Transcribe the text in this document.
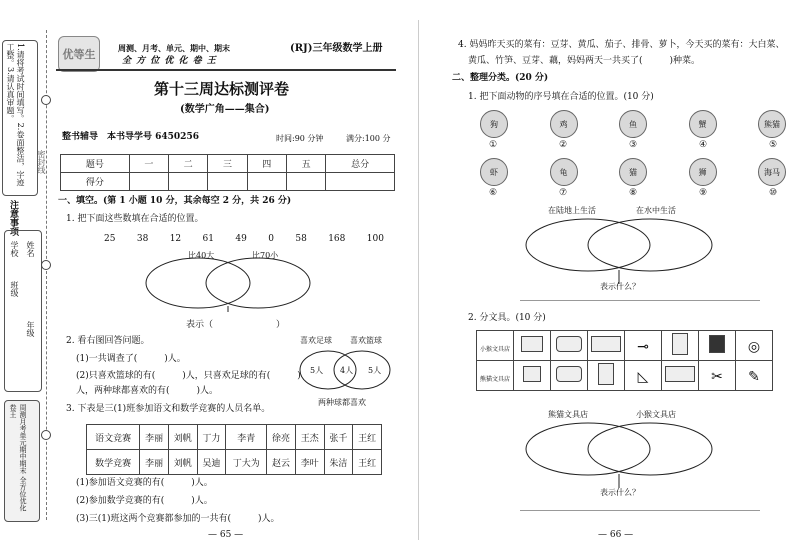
1.请将考试时间填写。2.卷面整洁，字迹工整。3.请认真审题。
注意事项
学校
班级
姓名
年级
密封线
周测月考单元期中期末 全方位优化卷王
优等生	周测、月考、单元、期中、期末
全 方 位 优 化 卷 王
(RJ)三年级数学上册
第十三周达标测评卷
(数学广角——集合)
整书辅导　本书导学号 6450256	时间:90 分钟	满分:100 分
题号	一	二	三	四	五	总分
得分						
一、填空。(第 1 小题 10 分，其余每空 2 分，共 26 分)
1. 把下面这些数填在合适的位置。
25 38 12 61 49 0 58 168 100
比40大	比70小
表示（　　　　　　　）
2. 看右图回答问题。
(1)一共调查了(　　　)人。
(2)只喜欢篮球的有(　　　)人，只喜欢足球的有(　　　)
人，两种球都喜欢的有(　　　)人。
喜欢足球 喜欢篮球
5人 4人 5人
两种球都喜欢
3. 下表是三(1)班参加语文和数学竞赛的人员名单。
语文竞赛	李丽	刘帆	丁力	李青	徐亮	王杰	张千	王红
数学竞赛	李丽	刘帆	吴迪	丁大为	赵云	李叶	朱洁	王红
(1)参加语文竞赛的有(　　　)人。
(2)参加数学竞赛的有(　　　)人。
(3)三(1)班这两个竞赛都参加的一共有(　　　)人。
— 65 —
4. 妈妈昨天买的菜有：豆芽、黄瓜、茄子、排骨、萝卜，今天买的菜有：大白菜、
黄瓜、竹笋、豆芽、藕，妈妈两天一共买了(　　　)种菜。
二、整理分类。(20 分)
1. 把下面动物的序号填在合适的位置。(10 分)
狗	鸡	鱼	蟹	熊猫
①	②	③	④	⑤
虾	龟	猫	狮	海马
⑥	⑦	⑧	⑨	⑩
在陆地上生活	在水中生活
表示什么？
2. 分文具。(10 分)
小猴文具店				⊸			◎
熊猫文具店				◺		✂	✎
熊猫文具店	小猴文具店
表示什么？
— 66 —
